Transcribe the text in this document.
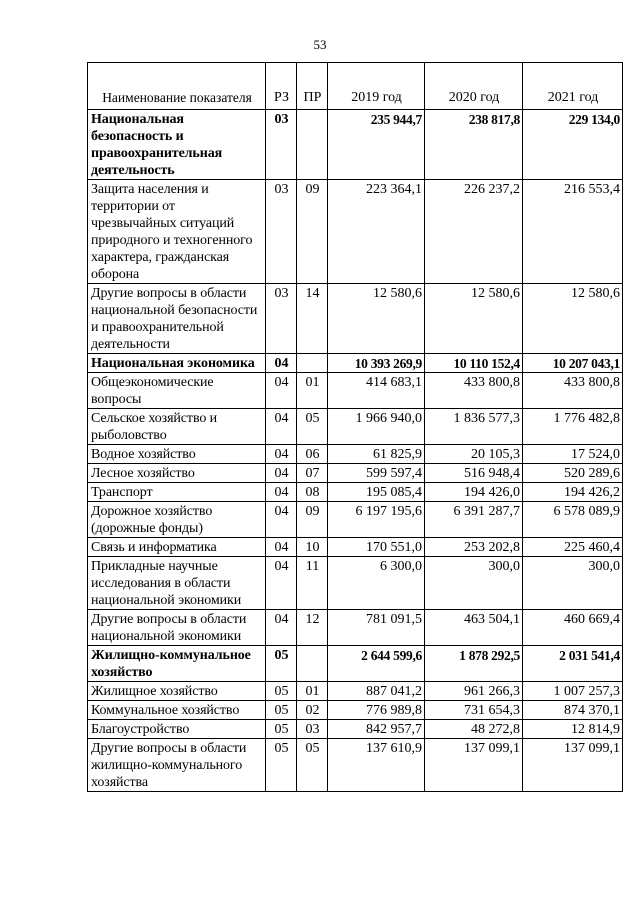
53
Наименование показателя	РЗ	ПР	2019 год	2020 год	2021 год
Национальная безопасность и правоохранительная деятельность	03		235 944,7	238 817,8	229 134,0
Защита населения и территории от чрезвычайных ситуаций природного и техногенного характера, гражданская оборона	03	09	223 364,1	226 237,2	216 553,4
Другие вопросы в области национальной безопасности и правоохранительной деятельности	03	14	12 580,6	12 580,6	12 580,6
Национальная экономика	04		10 393 269,9	10 110 152,4	10 207 043,1
Общеэкономические вопросы	04	01	414 683,1	433 800,8	433 800,8
Сельское хозяйство и рыболовство	04	05	1 966 940,0	1 836 577,3	1 776 482,8
Водное хозяйство	04	06	61 825,9	20 105,3	17 524,0
Лесное хозяйство	04	07	599 597,4	516 948,4	520 289,6
Транспорт	04	08	195 085,4	194 426,0	194 426,2
Дорожное хозяйство (дорожные фонды)	04	09	6 197 195,6	6 391 287,7	6 578 089,9
Связь и информатика	04	10	170 551,0	253 202,8	225 460,4
Прикладные научные исследования в области национальной экономики	04	11	6 300,0	300,0	300,0
Другие вопросы в области национальной экономики	04	12	781 091,5	463 504,1	460 669,4
Жилищно-коммунальное хозяйство	05		2 644 599,6	1 878 292,5	2 031 541,4
Жилищное хозяйство	05	01	887 041,2	961 266,3	1 007 257,3
Коммунальное хозяйство	05	02	776 989,8	731 654,3	874 370,1
Благоустройство	05	03	842 957,7	48 272,8	12 814,9
Другие вопросы в области жилищно-коммунального хозяйства	05	05	137 610,9	137 099,1	137 099,1
